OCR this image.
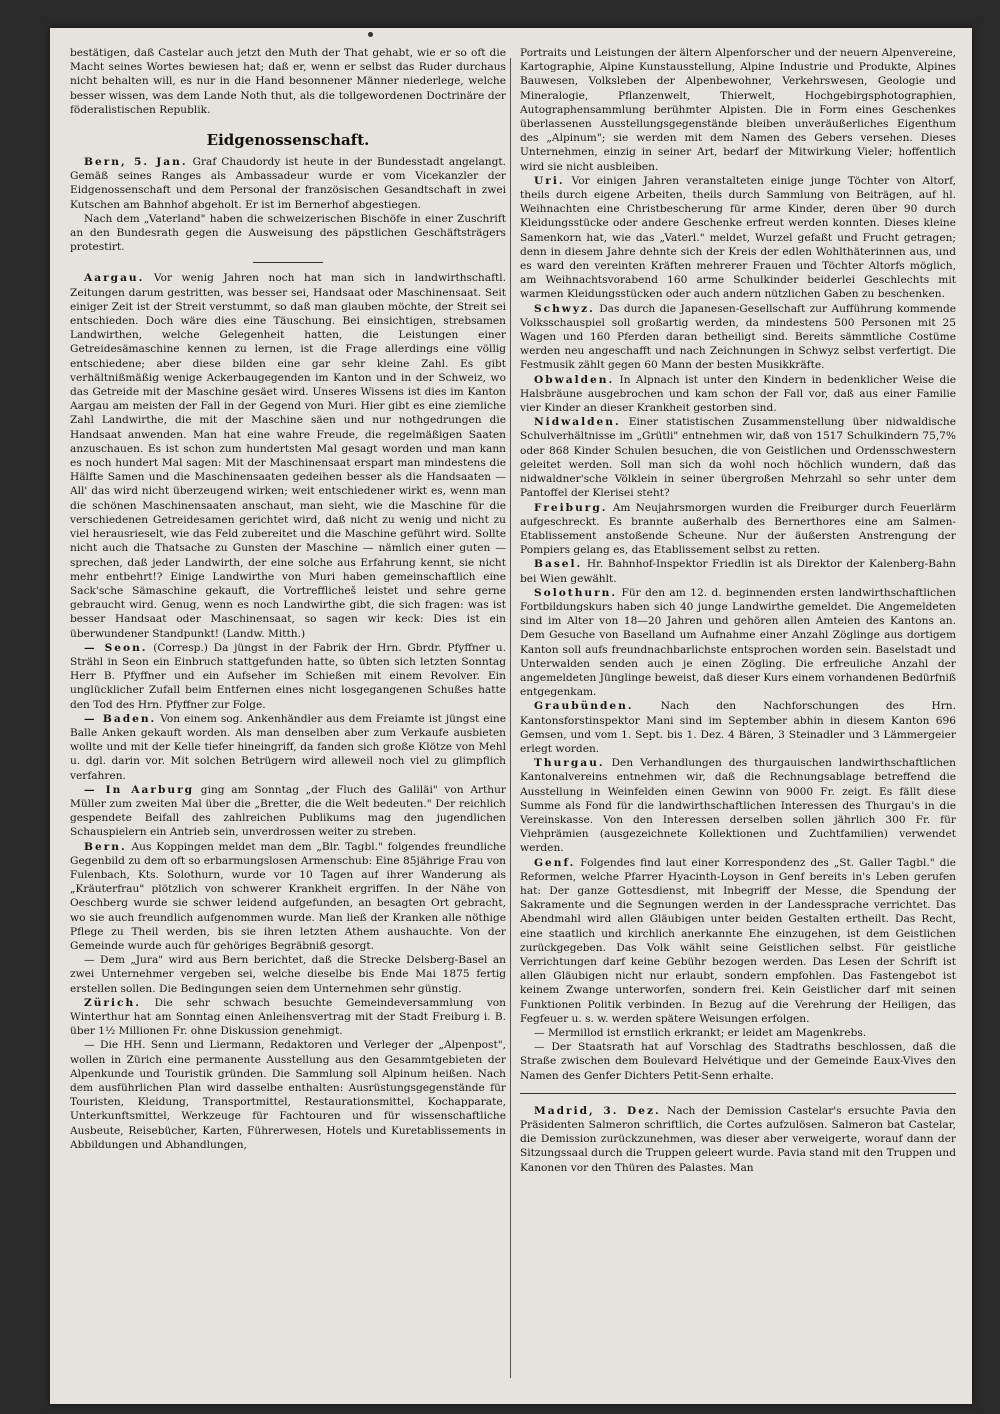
bestätigen, daß Castelar auch jetzt den Muth der That gehabt, wie er so oft die Macht seines Wortes bewiesen hat; daß er, wenn er selbst das Ruder durchaus nicht behalten will, es nur in die Hand besonnener Männer niederlege, welche besser wissen, was dem Lande Noth thut, als die tollgewordenen Doctrinäre der föderalistischen Republik.

Eidgenossenschaft.

Bern, 5. Jan. Graf Chaudordy ist heute in der Bundesstadt angelangt. Gemäß seines Ranges als Ambassadeur wurde er vom Vicekanzler der Eidgenossenschaft und dem Personal der französischen Gesandtschaft in zwei Kutschen am Bahnhof abgeholt. Er ist im Bernerhof abgestiegen.

Nach dem „Vaterland" haben die schweizerischen Bischöfe in einer Zuschrift an den Bundesrath gegen die Ausweisung des päpstlichen Geschäftsträgers protestirt.

Aargau. Vor wenig Jahren noch hat man sich in landwirthschaftl. Zeitungen darum gestritten, was besser sei, Handsaat oder Maschinensaat. Seit einiger Zeit ist der Streit verstummt, so daß man glauben möchte, der Streit sei entschieden. Doch wäre dies eine Täuschung. Bei einsichtigen, strebsamen Landwirthen, welche Gelegenheit hatten, die Leistungen einer Getreidesämaschine kennen zu lernen, ist die Frage allerdings eine völlig entschiedene; aber diese bilden eine gar sehr kleine Zahl. Es gibt verhältnißmäßig wenige Ackerbaugegenden im Kanton und in der Schweiz, wo das Getreide mit der Maschine gesäet wird. Unseres Wissens ist dies im Kanton Aargau am meisten der Fall in der Gegend von Muri. Hier gibt es eine ziemliche Zahl Landwirthe, die mit der Maschine säen und nur nothgedrungen die Handsaat anwenden. Man hat eine wahre Freude, die regelmäßigen Saaten anzuschauen. Es ist schon zum hundertsten Mal gesagt worden und man kann es noch hundert Mal sagen: Mit der Maschinensaat erspart man mindestens die Hälfte Samen und die Maschinensaaten gedeihen besser als die Handsaaten — All' das wird nicht überzeugend wirken; weit entschiedener wirkt es, wenn man die schönen Maschinensaaten anschaut, man sieht, wie die Maschine für die verschiedenen Getreidesamen gerichtet wird, daß nicht zu wenig und nicht zu viel herausrieselt, wie das Feld zubereitet und die Maschine geführt wird. Sollte nicht auch die Thatsache zu Gunsten der Maschine — nämlich einer guten — sprechen, daß jeder Landwirth, der eine solche aus Erfahrung kennt, sie nicht mehr entbehrt!? Einige Landwirthe von Muri haben gemeinschaftlich eine Sack'sche Sämaschine gekauft, die Vortrefflicheš leistet und sehre gerne gebraucht wird. Genug, wenn es noch Landwirthe gibt, die sich fragen: was ist besser Handsaat oder Maschinensaat, so sagen wir keck: Dies ist ein überwundener Standpunkt! (Landw. Mitth.)

— Seon. (Corresp.) Da jüngst in der Fabrik der Hrn. Gbrdr. Pfyffner u. Strähl in Seon ein Einbruch stattgefunden hatte, so übten sich letzten Sonntag Herr B. Pfyffner und ein Aufseher im Schießen mit einem Revolver. Ein unglücklicher Zufall beim Entfernen eines nicht losgegangenen Schußes hatte den Tod des Hrn. Pfyffner zur Folge.

— Baden. Von einem sog. Ankenhändler aus dem Freiamte ist jüngst eine Balle Anken gekauft worden. Als man denselben aber zum Verkaufe ausbieten wollte und mit der Kelle tiefer hineingriff, da fanden sich große Klötze von Mehl u. dgl. darin vor. Mit solchen Betrügern wird alleweil noch viel zu glimpflich verfahren.

— In Aarburg ging am Sonntag „der Fluch des Galiläi" von Arthur Müller zum zweiten Mal über die „Bretter, die die Welt bedeuten." Der reichlich gespendete Beifall des zahlreichen Publikums mag den jugendlichen Schauspielern ein Antrieb sein, unverdrossen weiter zu streben.

Bern. Aus Koppingen meldet man dem „Blr. Tagbl." folgendes freundliche Gegenbild zu dem oft so erbarmungslosen Armenschub: Eine 85jährige Frau von Fulenbach, Kts. Solothurn, wurde vor 10 Tagen auf ihrer Wanderung als „Kräuterfrau" plötzlich von schwerer Krankheit ergriffen. In der Nähe von Oeschberg wurde sie schwer leidend aufgefunden, an besagten Ort gebracht, wo sie auch freundlich aufgenommen wurde. Man ließ der Kranken alle nöthige Pflege zu Theil werden, bis sie ihren letzten Athem aushauchte. Von der Gemeinde wurde auch für gehöriges Begräbniß gesorgt.

— Dem „Jura" wird aus Bern berichtet, daß die Strecke Delsberg-Basel an zwei Unternehmer vergeben sei, welche dieselbe bis Ende Mai 1875 fertig erstellen sollen. Die Bedingungen seien dem Unternehmen sehr günstig.

Zürich. Die sehr schwach besuchte Gemeindeversammlung von Winterthur hat am Sonntag einen Anleihensvertrag mit der Stadt Freiburg i. B. über 1½ Millionen Fr. ohne Diskussion genehmigt.

— Die HH. Senn und Liermann, Redaktoren und Verleger der „Alpenpost", wollen in Zürich eine permanente Ausstellung aus den Gesammtgebieten der Alpenkunde und Touristik gründen. Die Sammlung soll Alpinum heißen. Nach dem ausführlichen Plan wird dasselbe enthalten: Ausrüstungsgegenstände für Touristen, Kleidung, Transportmittel, Restaurationsmittel, Kochapparate, Unterkunftsmittel, Werkzeuge für Fachtouren und für wissenschaftliche Ausbeute, Reisebücher, Karten, Führerwesen, Hotels und Kuretablissements in Abbildungen und Abhandlungen,

Portraits und Leistungen der ältern Alpenforscher und der neuern Alpenvereine, Kartographie, Alpine Kunstausstellung, Alpine Industrie und Produkte, Alpines Bauwesen, Volksleben der Alpenbewohner, Verkehrswesen, Geologie und Mineralogie, Pflanzenwelt, Thierwelt, Hochgebirgsphotographien, Autographensammlung berühmter Alpisten. Die in Form eines Geschenkes überlassenen Ausstellungsgegenstände bleiben unveräußerliches Eigenthum des „Alpinum"; sie werden mit dem Namen des Gebers versehen. Dieses Unternehmen, einzig in seiner Art, bedarf der Mitwirkung Vieler; hoffentlich wird sie nicht ausbleiben.

Uri. Vor einigen Jahren veranstalteten einige junge Töchter von Altorf, theils durch eigene Arbeiten, theils durch Sammlung von Beiträgen, auf hl. Weihnachten eine Christbescherung für arme Kinder, deren über 90 durch Kleidungsstücke oder andere Geschenke erfreut werden konnten. Dieses kleine Samenkorn hat, wie das „Vaterl." meldet, Wurzel gefaßt und Frucht getragen; denn in diesem Jahre dehnte sich der Kreis der edlen Wohlthäterinnen aus, und es ward den vereinten Kräften mehrerer Frauen und Töchter Altorfs möglich, am Weihnachtsvorabend 160 arme Schulkinder beiderlei Geschlechts mit warmen Kleidungsstücken oder auch andern nützlichen Gaben zu beschenken.

Schwyz. Das durch die Japanesen-Gesellschaft zur Aufführung kommende Volksschauspiel soll großartig werden, da mindestens 500 Personen mit 25 Wagen und 160 Pferden daran betheiligt sind. Bereits sämmtliche Costüme werden neu angeschafft und nach Zeichnungen in Schwyz selbst verfertigt. Die Festmusik zählt gegen 60 Mann der besten Musikkräfte.

Obwalden. In Alpnach ist unter den Kindern in bedenklicher Weise die Halsbräune ausgebrochen und kam schon der Fall vor, daß aus einer Familie vier Kinder an dieser Krankheit gestorben sind.

Nidwalden. Einer statistischen Zusammenstellung über nidwaldische Schulverhältnisse im „Grütli" entnehmen wir, daß von 1517 Schulkindern 75,7% oder 868 Kinder Schulen besuchen, die von Geistlichen und Ordensschwestern geleitet werden. Soll man sich da wohl noch höchlich wundern, daß das nidwaldner'sche Völklein in seiner übergroßen Mehrzahl so sehr unter dem Pantoffel der Klerisei steht?

Freiburg. Am Neujahrsmorgen wurden die Freiburger durch Feuerlärm aufgeschreckt. Es brannte außerhalb des Bernerthores eine am Salmen-Etablissement anstoßende Scheune. Nur der äußersten Anstrengung der Pompiers gelang es, das Etablissement selbst zu retten.

Basel. Hr. Bahnhof-Inspektor Friedlin ist als Direktor der Kalenberg-Bahn bei Wien gewählt.

Solothurn. Für den am 12. d. beginnenden ersten landwirthschaftlichen Fortbildungskurs haben sich 40 junge Landwirthe gemeldet. Die Angemeldeten sind im Alter von 18—20 Jahren und gehören allen Amteien des Kantons an. Dem Gesuche von Baselland um Aufnahme einer Anzahl Zöglinge aus dortigem Kanton soll aufs freundnachbarlichste entsprochen worden sein. Baselstadt und Unterwalden senden auch je einen Zögling. Die erfreuliche Anzahl der angemeldeten Jünglinge beweist, daß dieser Kurs einem vorhandenen Bedürfniß entgegenkam.

Graubünden.	Nach den Nachforschungen des Hrn. Kantonsforstinspektor Mani sind im September abhin in diesem Kanton 696 Gemsen, und vom 1. Sept. bis 1. Dez. 4 Bären, 3 Steinadler und 3 Lämmergeier erlegt worden.

Thurgau. Den Verhandlungen des thurgauischen landwirthschaftlichen Kantonalvereins entnehmen wir, daß die Rechnungsablage betreffend die Ausstellung in Weinfelden einen Gewinn von 9000 Fr. zeigt. Es fällt diese Summe als Fond für die landwirthschaftlichen Interessen des Thurgau's in die Vereinskasse. Von den Interessen derselben sollen jährlich 300 Fr. für Viehprämien (ausgezeichnete Kollektionen und Zuchtfamilien) verwendet werden.

Genf. Folgendes find laut einer Korrespondenz des „St. Galler Tagbl." die Reformen, welche Pfarrer Hyacinth-Loyson in Genf bereits in's Leben gerufen hat: Der ganze Gottesdienst, mit Inbegriff der Messe, die Spendung der Sakramente und die Segnungen werden in der Landessprache verrichtet. Das Abendmahl wird allen Gläubigen unter beiden Gestalten ertheilt. Das Recht, eine staatlich und kirchlich anerkannte Ehe einzugehen, ist dem Geistlichen zurückgegeben. Das Volk wählt seine Geistlichen selbst. Für geistliche Verrichtungen darf keine Gebühr bezogen werden. Das Lesen der Schrift ist allen Gläubigen nicht nur erlaubt, sondern empfohlen. Das Fastengebot ist keinem Zwange unterworfen, sondern frei. Kein Geistlicher darf mit seinen Funktionen Politik verbinden. In Bezug auf die Verehrung der Heiligen, das Fegfeuer u. s. w. werden spätere Weisungen erfolgen.

— Mermillod ist ernstlich erkrankt; er leidet am Magenkrebs.

— Der Staatsrath hat auf Vorschlag des Stadtraths beschlossen, daß die Straße zwischen dem Boulevard Helvétique und der Gemeinde Eaux-Vives den Namen des Genfer Dichters Petit-Senn erhalte.

Madrid, 3. Dez. Nach der Demission Castelar's ersuchte Pavia den Präsidenten Salmeron schriftlich, die Cortes aufzulösen. Salmeron bat Castelar, die Demission zurückzunehmen, was dieser aber verweigerte, worauf dann der Sitzungssaal durch die Truppen geleert wurde. Pavia stand mit den Truppen und Kanonen vor den Thüren des Palastes. Man
